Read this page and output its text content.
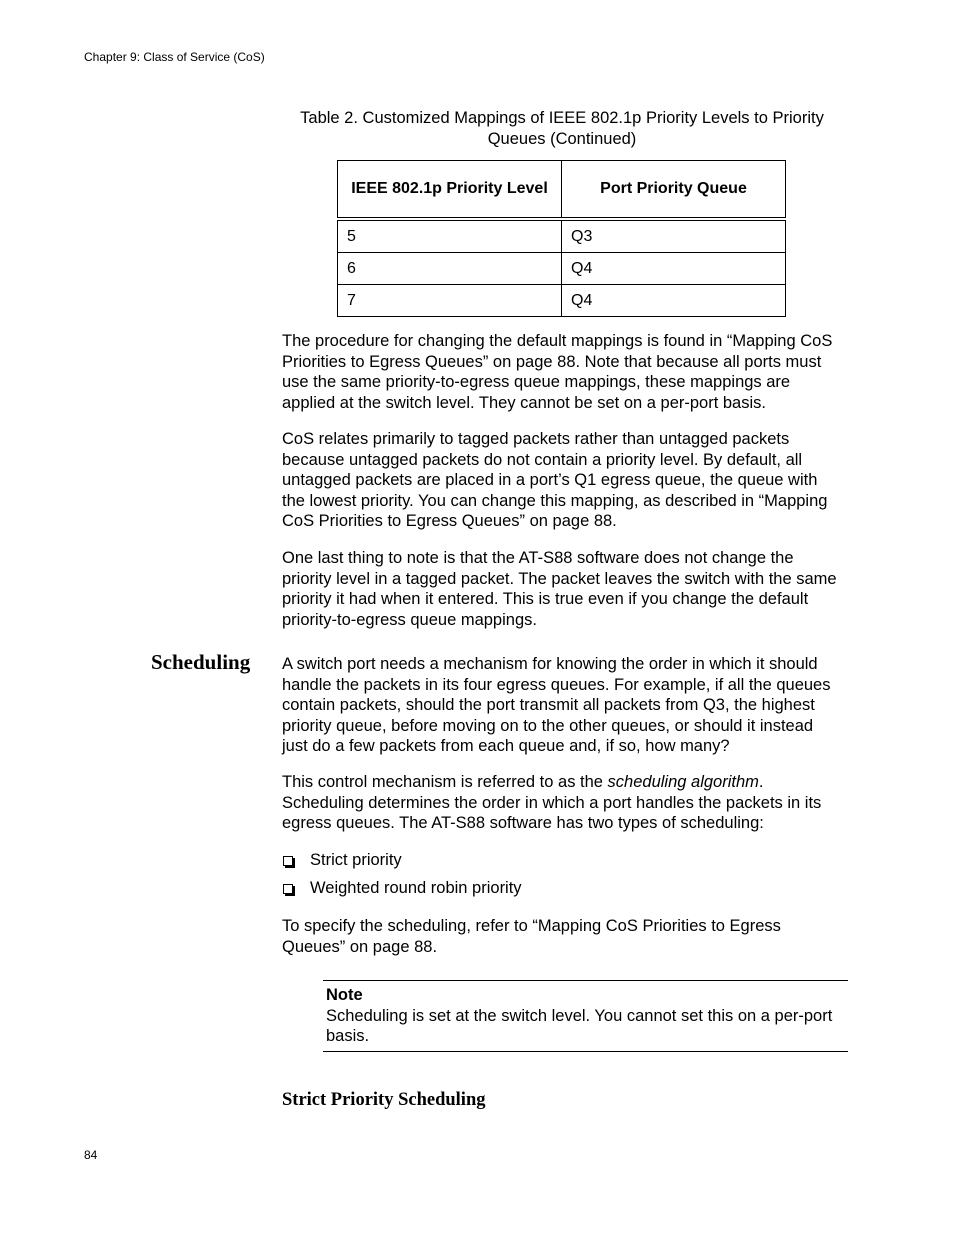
Chapter 9: Class of Service (CoS)
Table 2. Customized Mappings of IEEE 802.1p Priority Levels to Priority Queues (Continued)
IEEE 802.1p Priority Level	Port Priority Queue
5	Q3
6	Q4
7	Q4

The procedure for changing the default mappings is found in “Mapping CoS Priorities to Egress Queues” on page 88. Note that because all ports must use the same priority-to-egress queue mappings, these mappings are applied at the switch level. They cannot be set on a per-port basis.

CoS relates primarily to tagged packets rather than untagged packets because untagged packets do not contain a priority level. By default, all untagged packets are placed in a port’s Q1 egress queue, the queue with the lowest priority. You can change this mapping, as described in “Mapping CoS Priorities to Egress Queues” on page 88.

One last thing to note is that the AT-S88 software does not change the priority level in a tagged packet. The packet leaves the switch with the same priority it had when it entered. This is true even if you change the default priority-to-egress queue mappings.

Scheduling A switch port needs a mechanism for knowing the order in which it should handle the packets in its four egress queues. For example, if all the queues contain packets, should the port transmit all packets from Q3, the highest priority queue, before moving on to the other queues, or should it instead just do a few packets from each queue and, if so, how many?

This control mechanism is referred to as the scheduling algorithm. Scheduling determines the order in which a port handles the packets in its egress queues. The AT-S88 software has two types of scheduling:

Strict priority
Weighted round robin priority

To specify the scheduling, refer to “Mapping CoS Priorities to Egress Queues” on page 88.

Note
Scheduling is set at the switch level. You cannot set this on a per-port basis.
Strict Priority Scheduling
84
